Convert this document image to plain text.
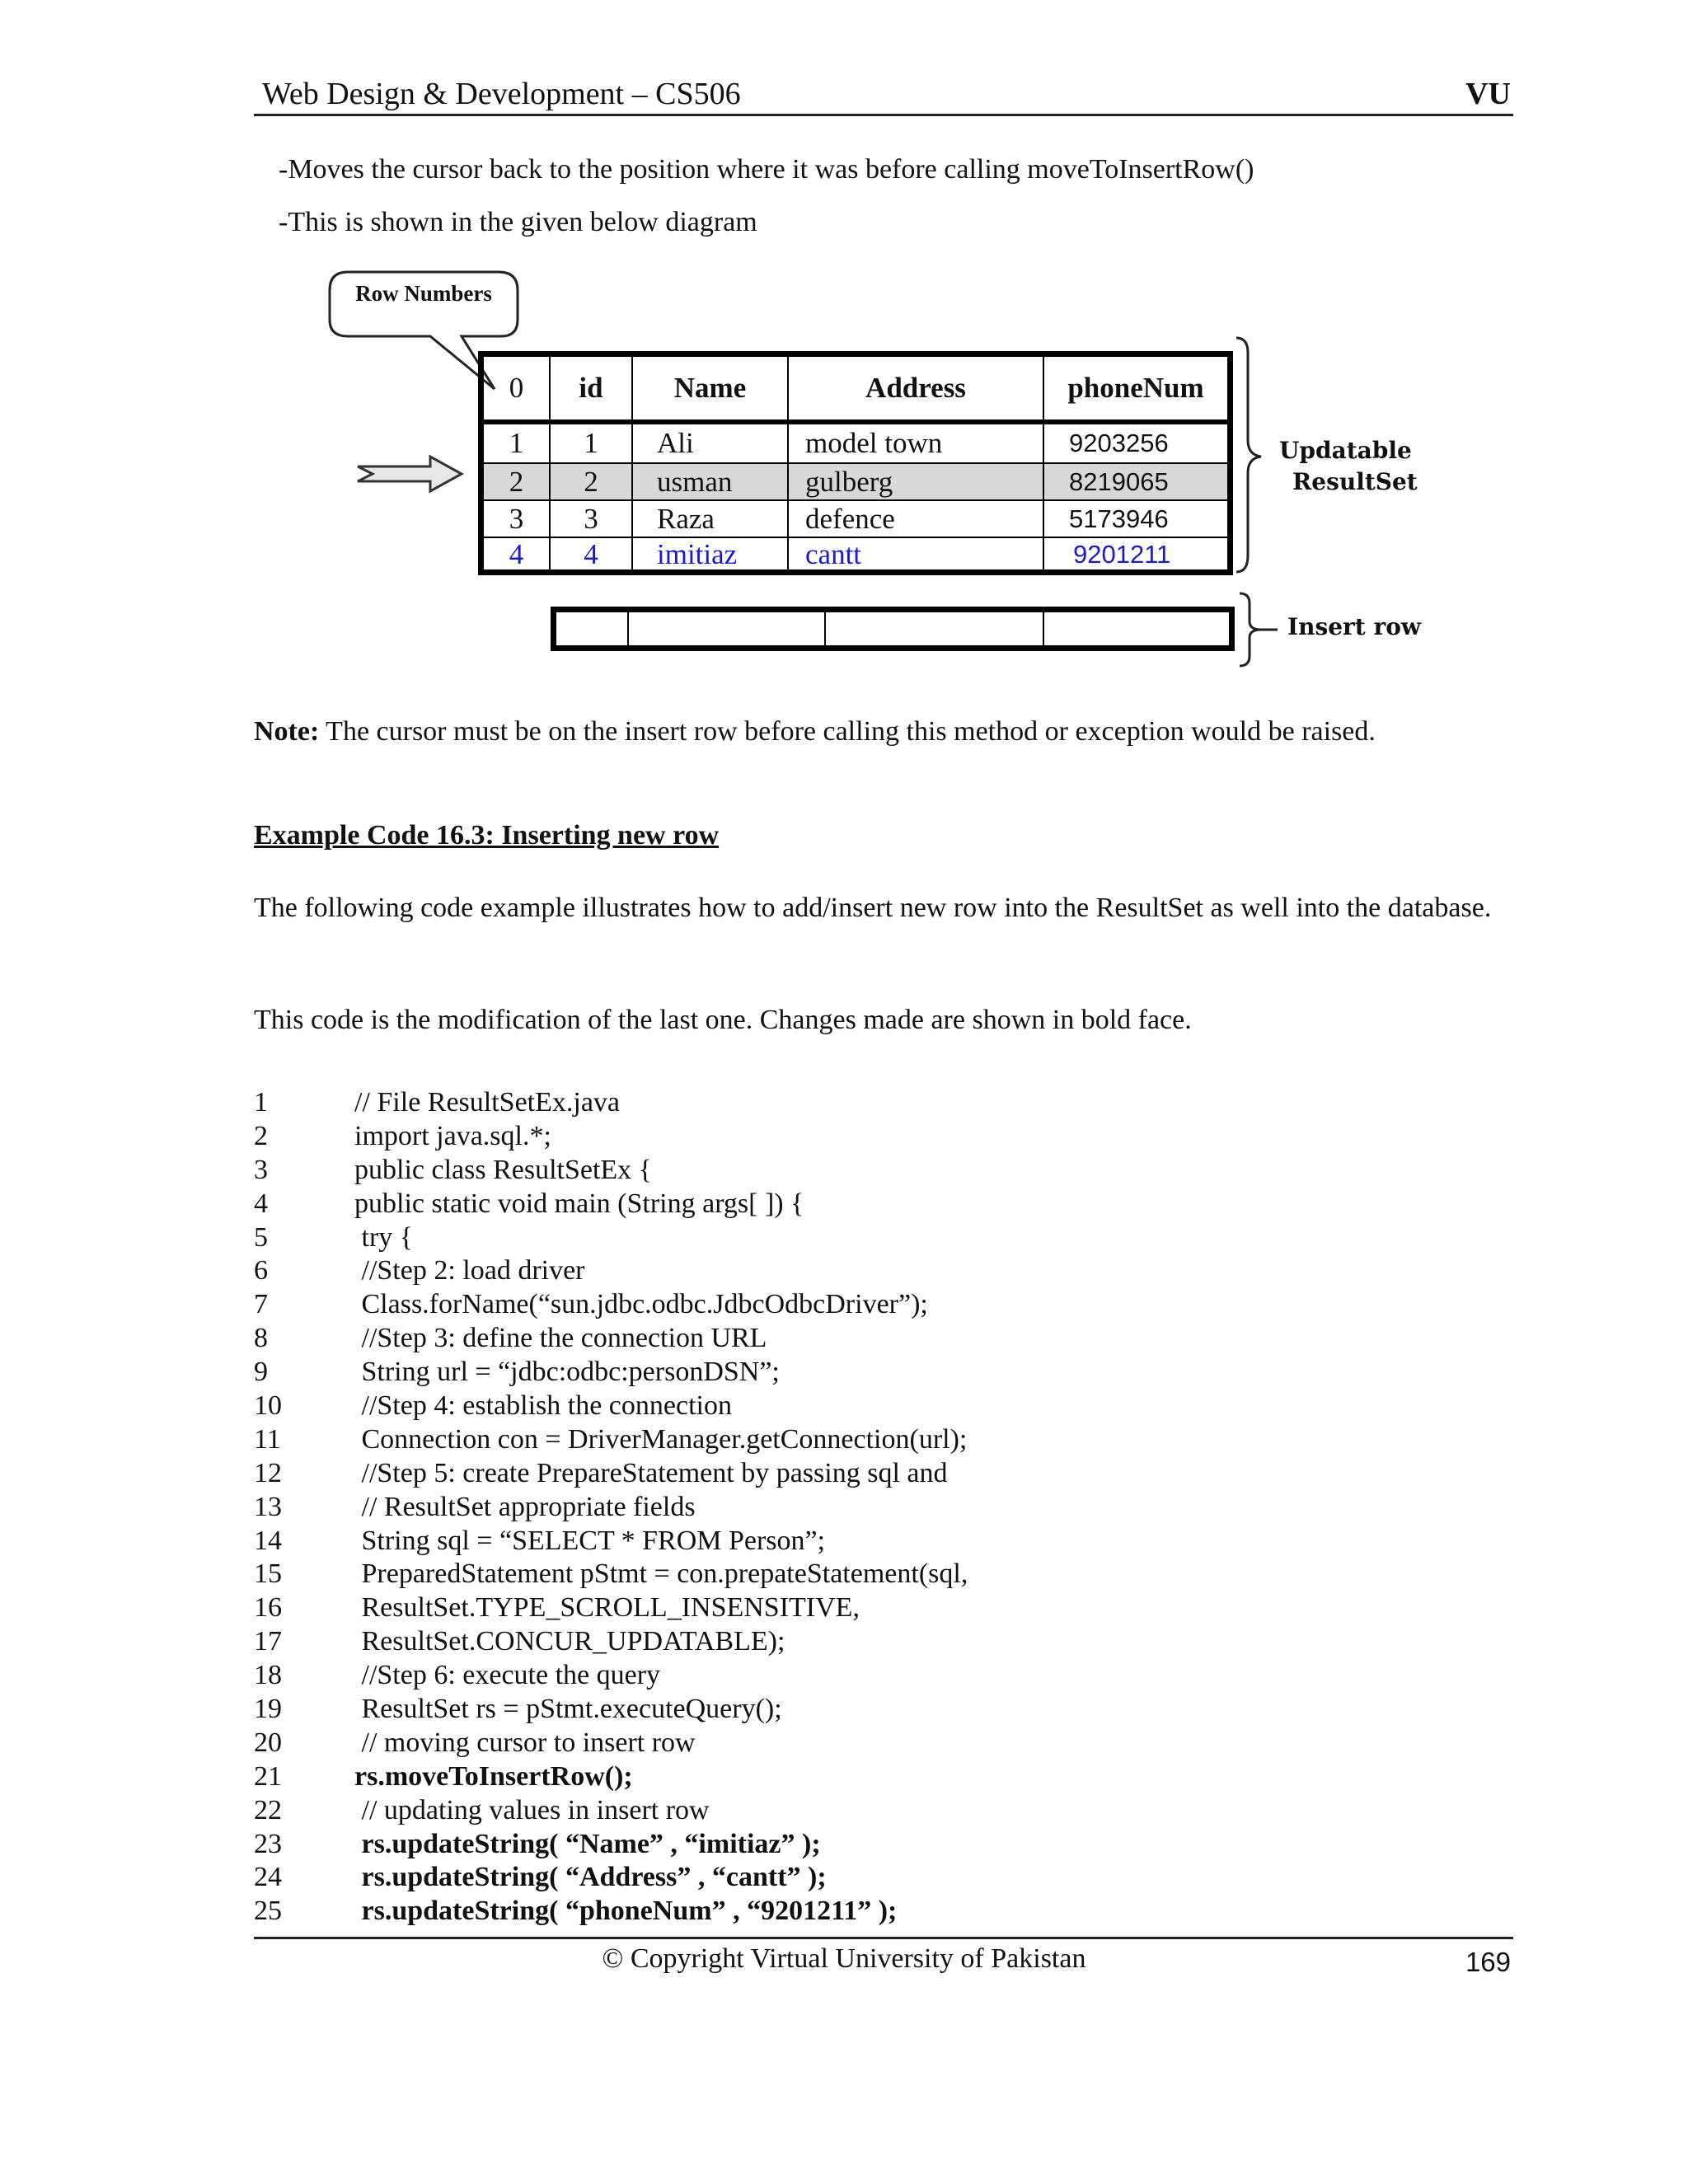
Web Design & Development – CS506	VU
-Moves the cursor back to the position where it was before calling moveToInsertRow()
-This is shown in the given below diagram
Row Numbers
0	id	Name	Address	phoneNum
1	1	Ali	model town	9203256
2	2	usman	gulberg	8219065
3	3	Raza	defence	5173946
4	4	imitiaz	cantt	9201211
Updatable
ResultSet
Insert row
Note: The cursor must be on the insert row before calling this method or exception would be raised.
Example Code 16.3: Inserting new row
The following code example illustrates how to add/insert new row into the ResultSet as well into the database.
This code is the modification of the last one. Changes made are shown in bold face.
1	// File ResultSetEx.java
2	import java.sql.*;
3	public class ResultSetEx {
4	public static void main (String args[ ]) {
5	try {
6	//Step 2: load driver
7	Class.forName(“sun.jdbc.odbc.JdbcOdbcDriver”);
8	//Step 3: define the connection URL
9	String url = “jdbc:odbc:personDSN”;
10	//Step 4: establish the connection
11	Connection con = DriverManager.getConnection(url);
12	//Step 5: create PrepareStatement by passing sql and
13	// ResultSet appropriate fields
14	String sql = “SELECT * FROM Person”;
15	PreparedStatement pStmt = con.prepateStatement(sql,
16	ResultSet.TYPE_SCROLL_INSENSITIVE,
17	ResultSet.CONCUR_UPDATABLE);
18	//Step 6: execute the query
19	ResultSet rs = pStmt.executeQuery();
20	// moving cursor to insert row
21	rs.moveToInsertRow();
22	// updating values in insert row
23	rs.updateString( “Name” , “imitiaz” );
24	rs.updateString( “Address” , “cantt” );
25	rs.updateString( “phoneNum” , “9201211” );
© Copyright Virtual University of Pakistan	169
